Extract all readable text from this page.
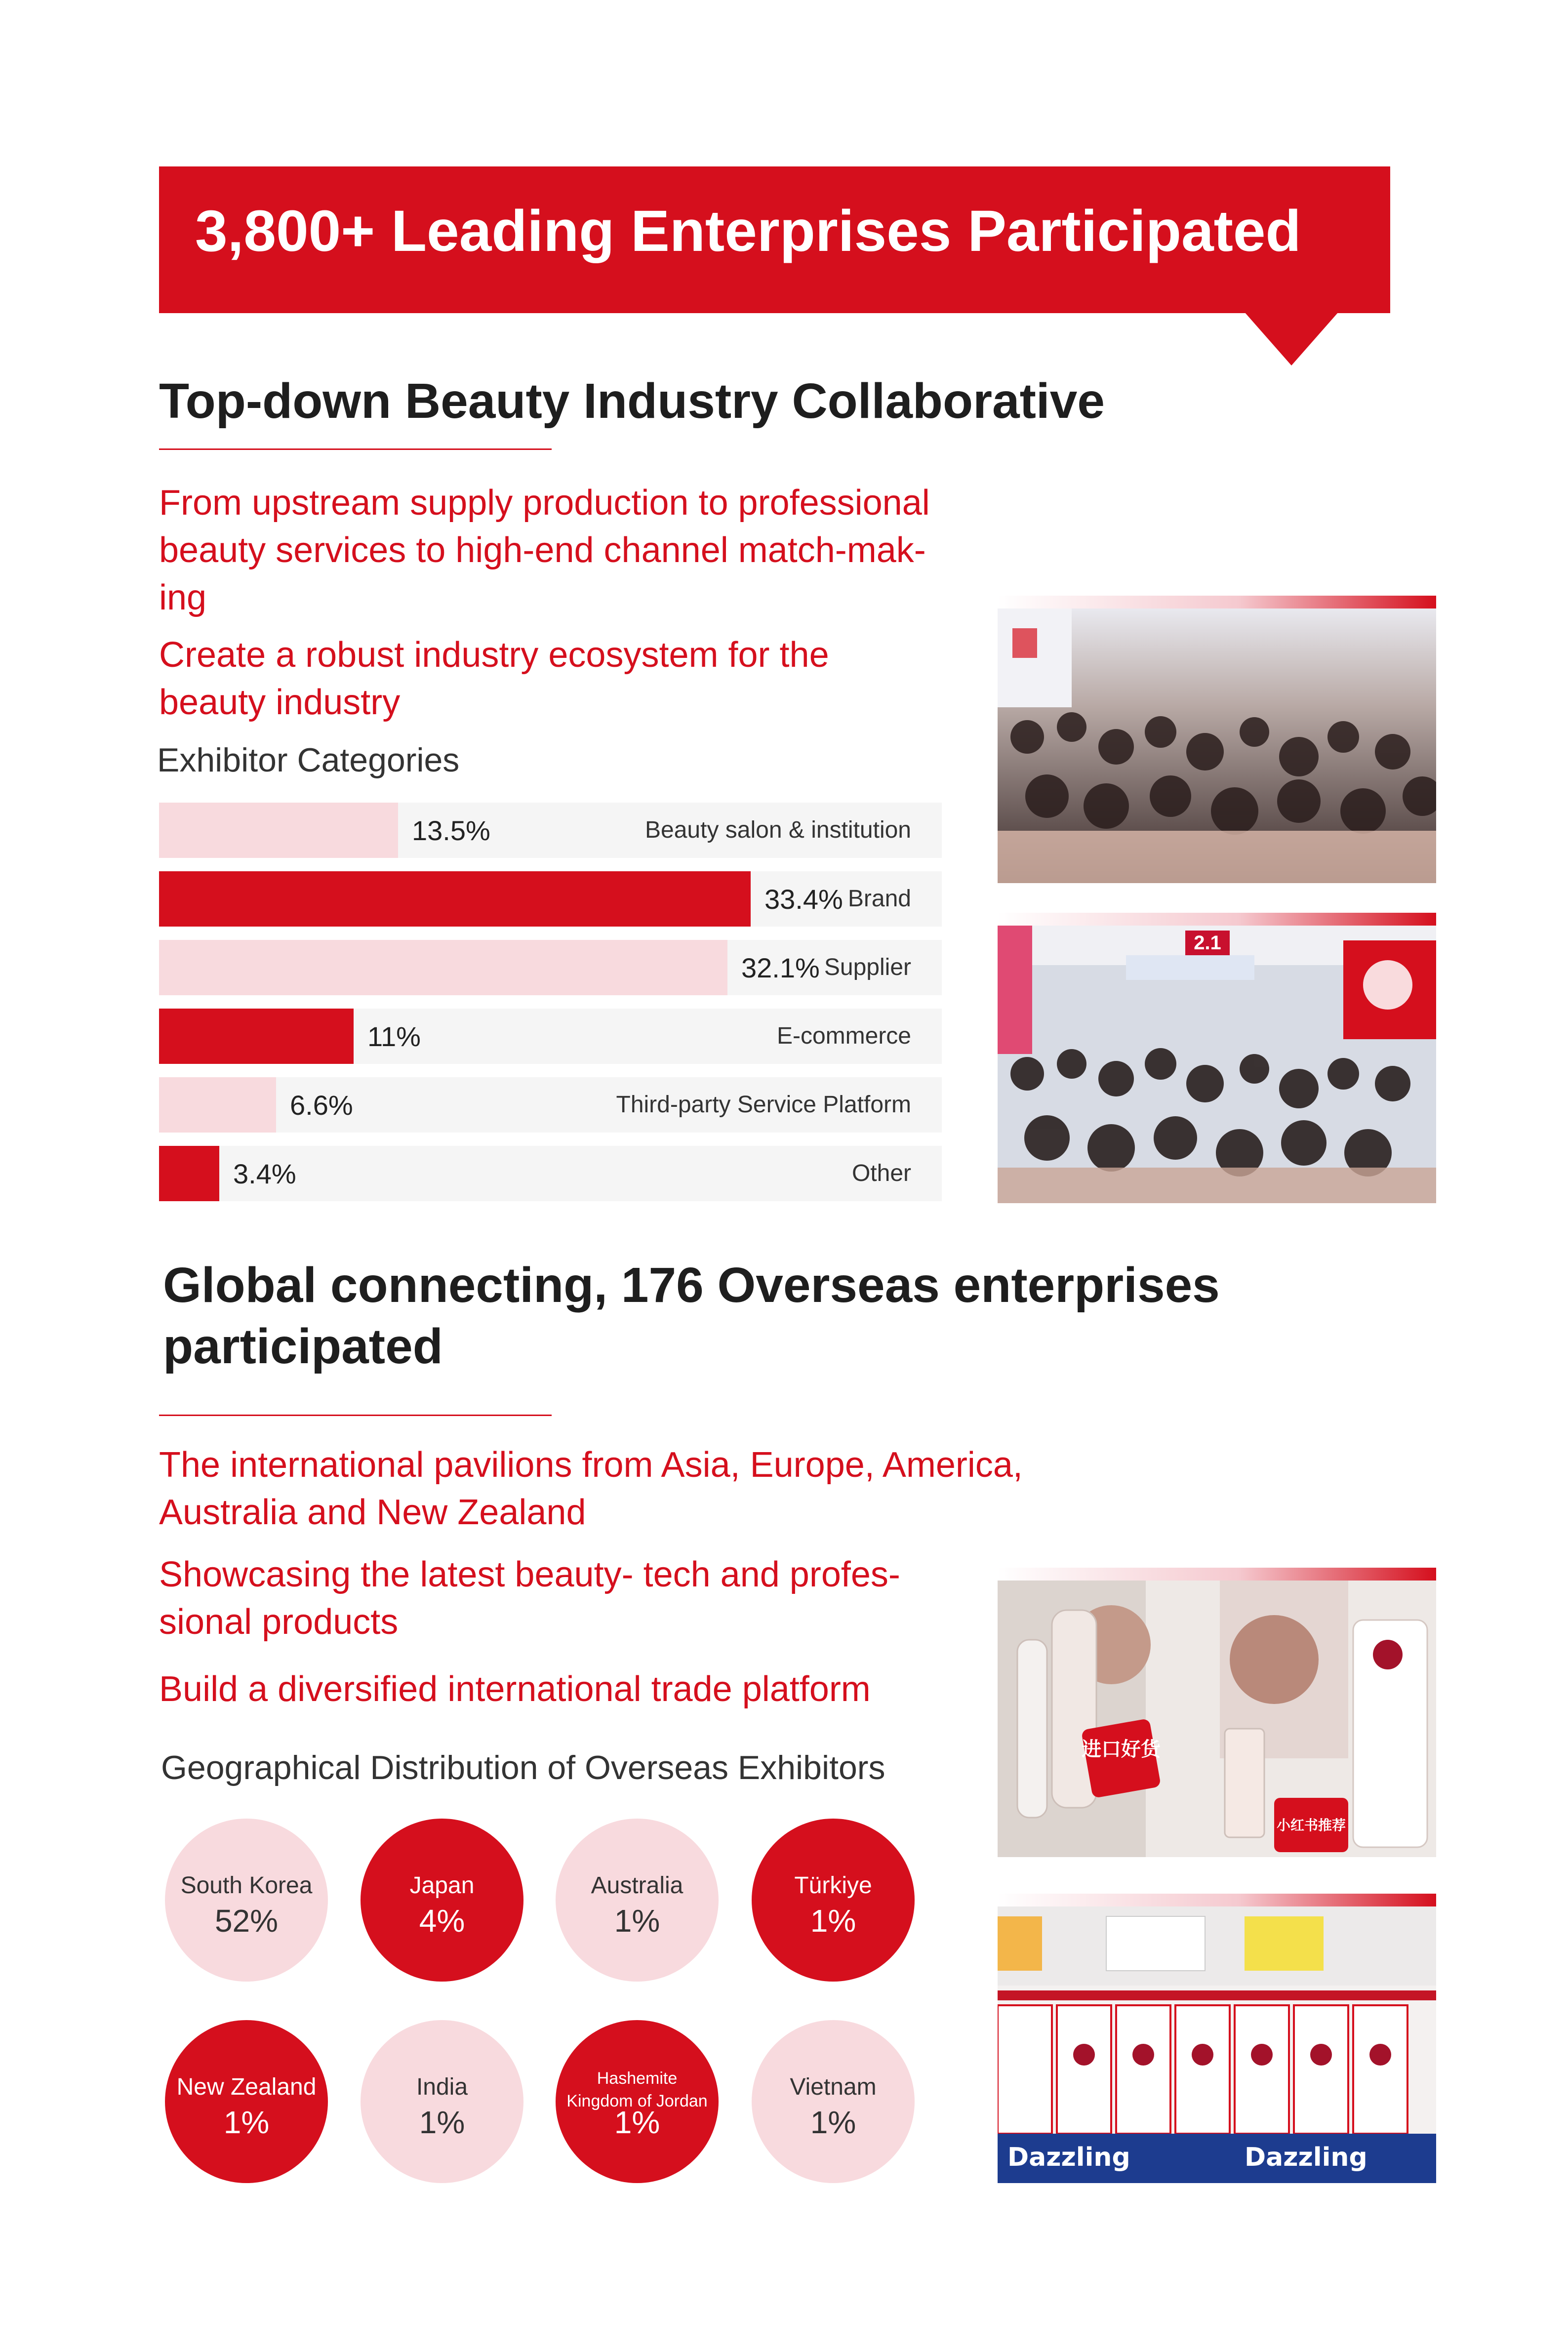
3,800+ Leading Enterprises Participated
Top-down Beauty Industry Collaborative
From upstream supply production to professional
beauty services to high-end channel match-mak-
ing
Create a robust industry ecosystem for the
beauty industry
Exhibitor Categories
13.5%	Beauty salon & institution
33.4% Brand
32.1% Supplier
11%	E-commerce
6.6%	Third-party Service Platform
3.4%	Other
2.1
Global connecting, 176 Overseas enterprises
participated
The international pavilions from Asia, Europe, America,
Australia and New Zealand
Showcasing the latest beauty- tech and profes-
sional products
Build a diversified international trade platform
Geographical Distribution of Overseas Exhibitors
South Korea
52%
Japan
4%
Australia
1%
Türkiye
1%
New Zealand
1%
India
1%
Hashemite
Kingdom of Jordan
1%
Vietnam
1%
进口好货
小红书推荐
Dazzling	Dazzling
